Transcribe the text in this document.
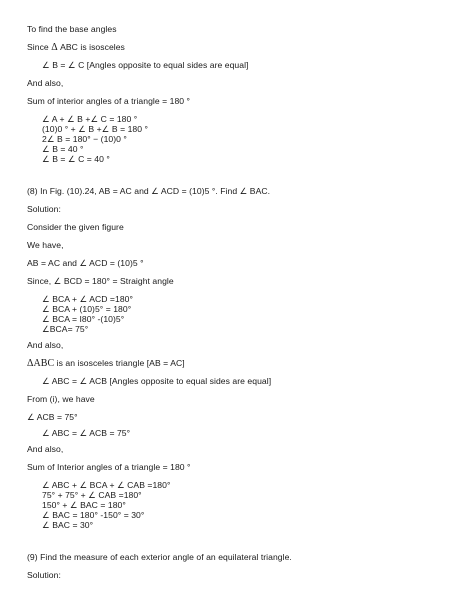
To find the base angles
Since Δ ABC is isosceles
∠ B = ∠ C [Angles opposite to equal sides are equal]
And also,
Sum of interior angles of a triangle = 180 °
∠ A + ∠ B +∠ C = 180 °
(10)0 ° + ∠ B +∠ B = 180 °
2∠ B = 180° − (10)0 °
∠ B = 40 °
∠ B = ∠ C = 40 °
(8) In Fig. (10).24, AB = AC and ∠ ACD = (10)5 °. Find ∠ BAC.
Solution:
Consider the given figure
We have,
AB = AC and ∠ ACD = (10)5 °
Since, ∠ BCD = 180° = Straight angle
∠ BCA + ∠ ACD =180°
∠ BCA + (10)5° = 180°
∠ BCA = I80° -(10)5°
∠BCA= 75°
And also,
ΔABC is an isosceles triangle [AB = AC]
∠ ABC = ∠ ACB [Angles opposite to equal sides are equal]
From (i), we have
∠ ACB = 75°
∠ ABC = ∠ ACB = 75°
And also,
Sum of Interior angles of a triangle = 180 °
∠ ABC + ∠ BCA + ∠ CAB =180°
75° + 75° + ∠ CAB =180°
150° + ∠ BAC = 180°
∠ BAC = 180° -150° = 30°
∠ BAC = 30°
(9) Find the measure of each exterior angle of an equilateral triangle.
Solution:
